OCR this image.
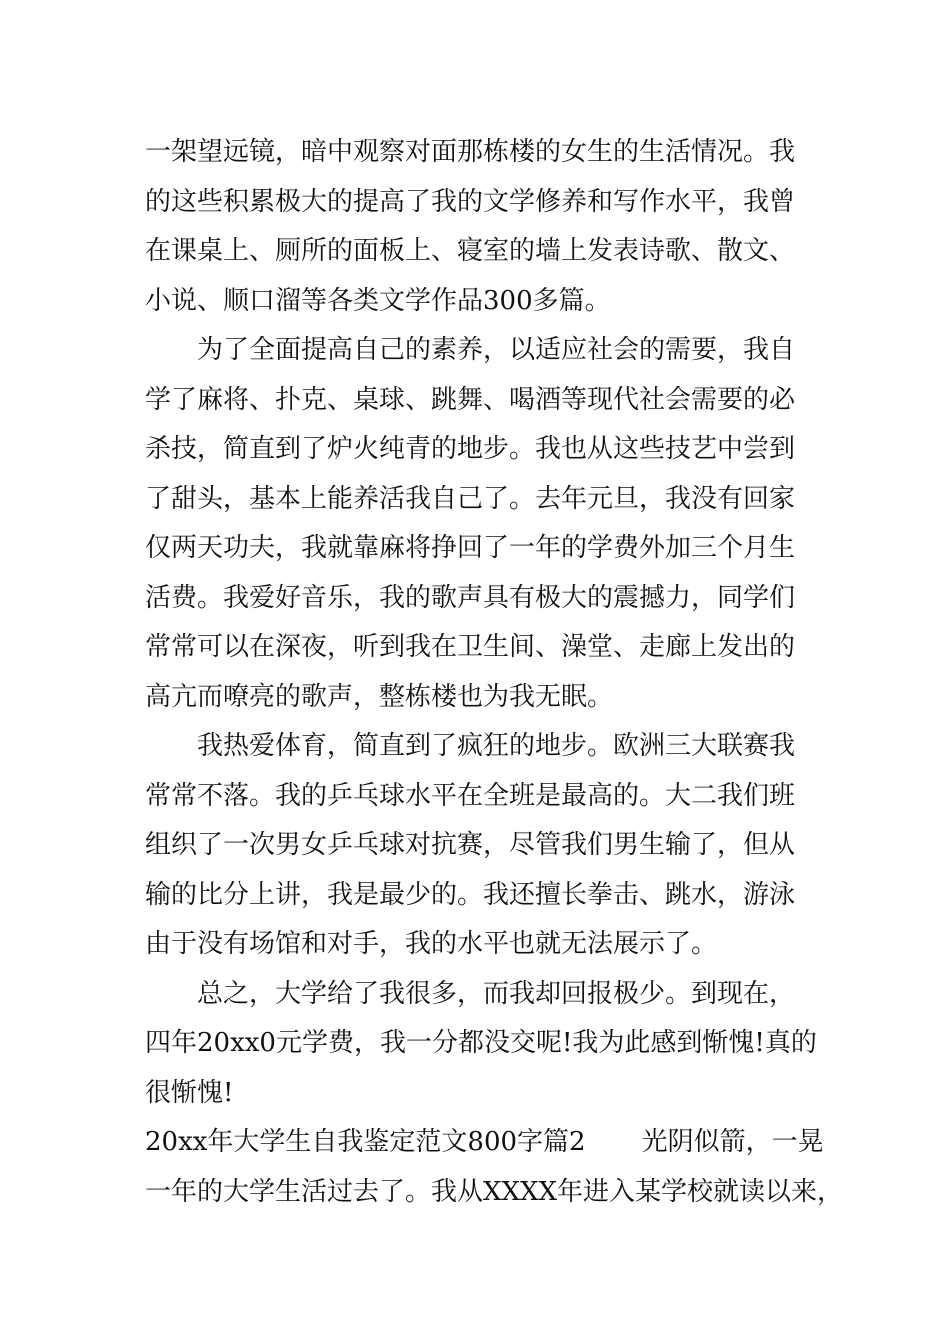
一架望远镜，暗中观察对面那栋楼的女生的生活情况。我
的这些积累极大的提高了我的文学修养和写作水平，我曾
在课桌上、厕所的面板上、寝室的墙上发表诗歌、散文、
小说、顺口溜等各类文学作品300多篇。
为了全面提高自己的素养，以适应社会的需要，我自
学了麻将、扑克、桌球、跳舞、喝酒等现代社会需要的必
杀技，简直到了炉火纯青的地步。我也从这些技艺中尝到
了甜头，基本上能养活我自己了。去年元旦，我没有回家
仅两天功夫，我就靠麻将挣回了一年的学费外加三个月生
活费。我爱好音乐，我的歌声具有极大的震撼力，同学们
常常可以在深夜，听到我在卫生间、澡堂、走廊上发出的
高亢而嘹亮的歌声，整栋楼也为我无眠。
我热爱体育，简直到了疯狂的地步。欧洲三大联赛我
常常不落。我的乒乓球水平在全班是最高的。大二我们班
组织了一次男女乒乓球对抗赛，尽管我们男生输了，但从
输的比分上讲，我是最少的。我还擅长拳击、跳水，游泳
由于没有场馆和对手，我的水平也就无法展示了。
总之，大学给了我很多，而我却回报极少。到现在，
四年20xx0元学费，我一分都没交呢!我为此感到惭愧!真的
很惭愧!
20xx年大学生自我鉴定范文800字篇2 光阴似箭，一晃
一年的大学生活过去了。我从XXXX年进入某学校就读以来，
